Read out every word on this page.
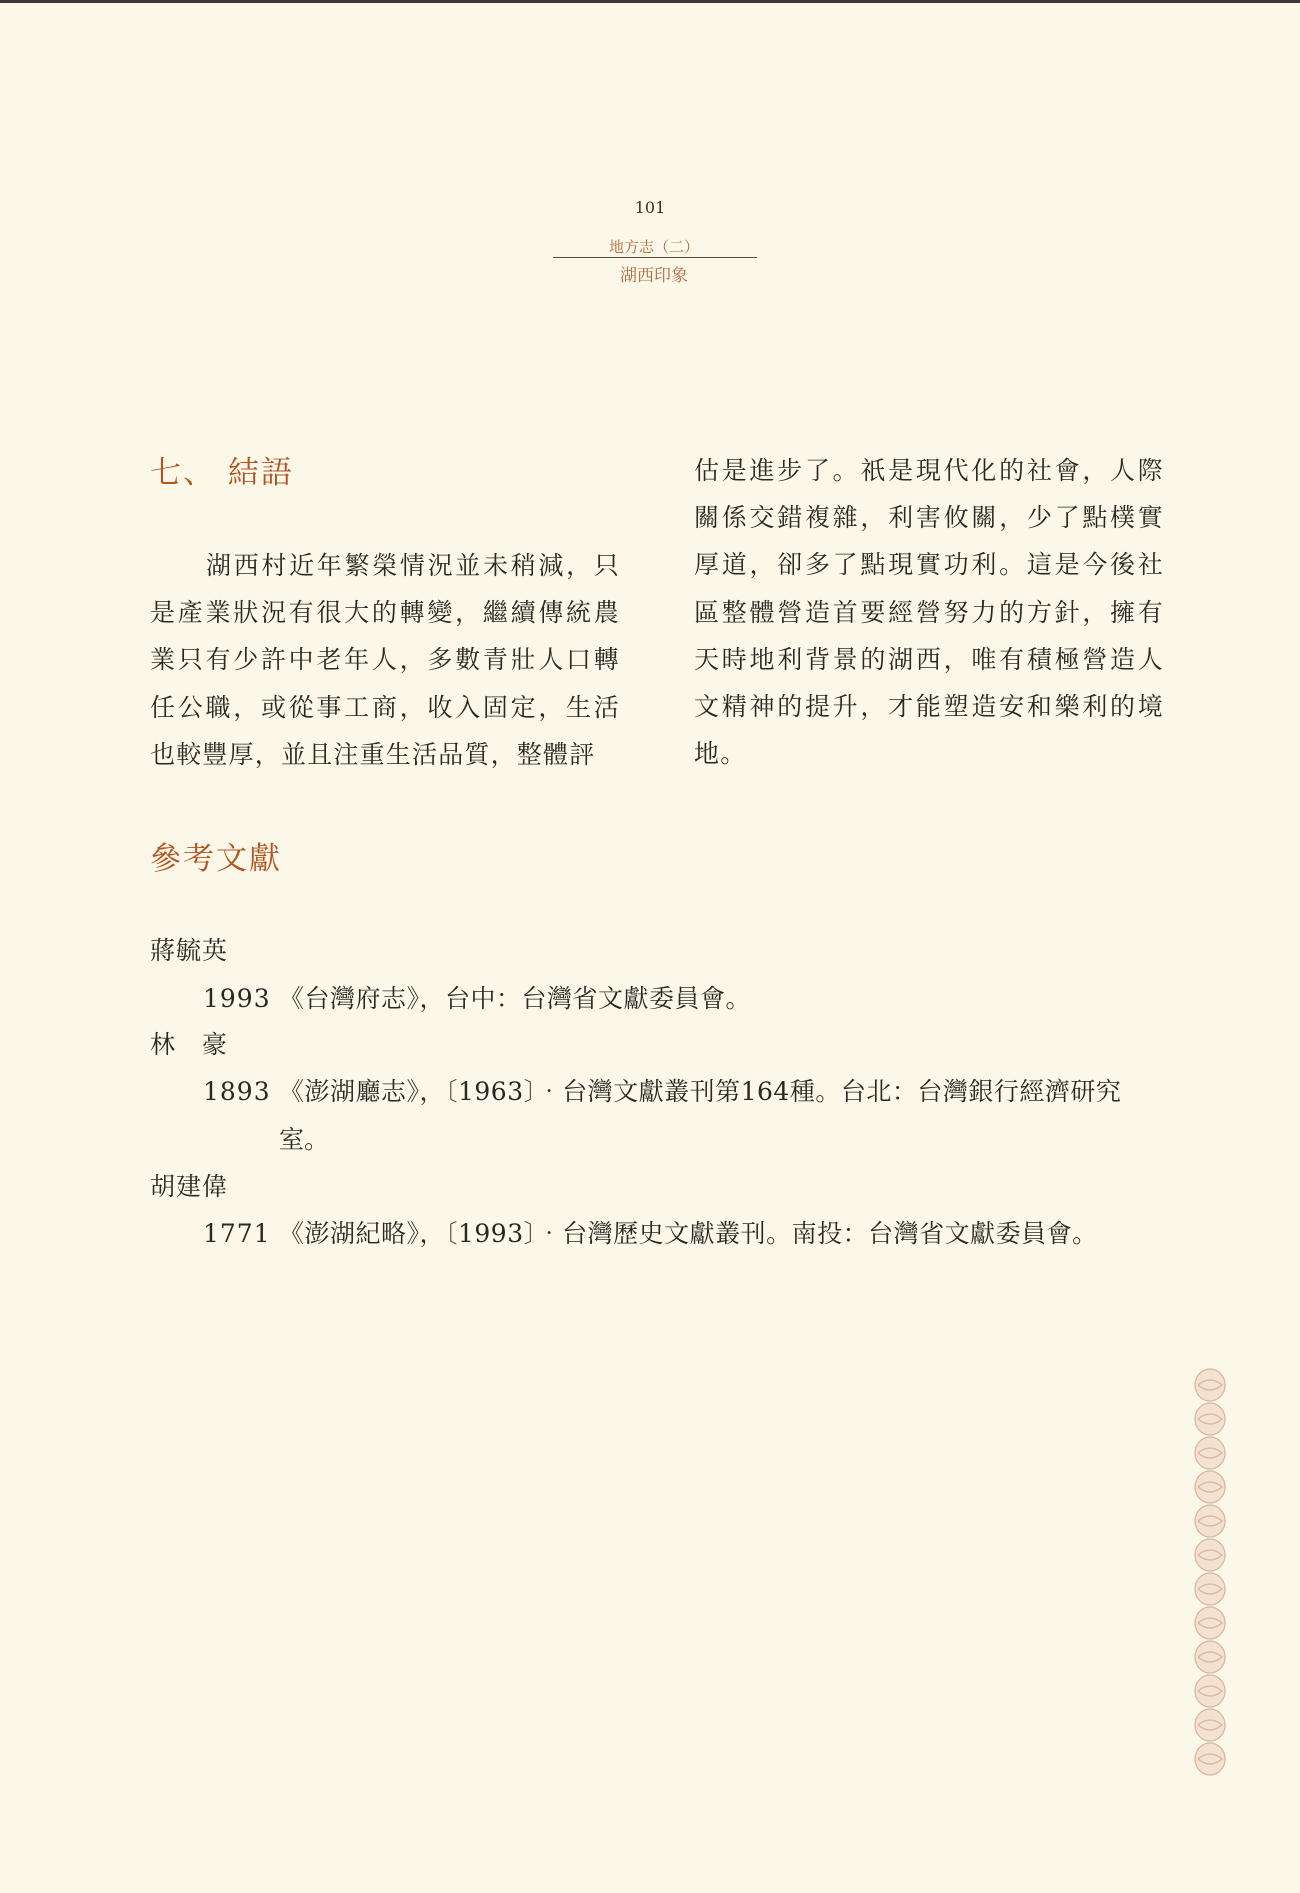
101
地方志（二）
湖西印象
七、 結語

湖西村近年繁榮情況並未稍減，只是產業狀況有很大的轉變，繼續傳統農業只有少許中老年人，多數青壯人口轉任公職，或從事工商，收入固定，生活也較豐厚，並且注重生活品質，整體評

估是進步了。祇是現代化的社會，人際關係交錯複雜，利害攸關，少了點樸實厚道，卻多了點現實功利。這是今後社區整體營造首要經營努力的方針，擁有天時地利背景的湖西，唯有積極營造人文精神的提升，才能塑造安和樂利的境地。

參考文獻
蔣毓英
1993 《台灣府志》，台中：台灣省文獻委員會。
林　豪
1893 《澎湖廳志》，〔1963〕‧台灣文獻叢刊第164種。台北：台灣銀行經濟研究
室。
胡建偉
1771 《澎湖紀略》，〔1993〕‧台灣歷史文獻叢刊。南投：台灣省文獻委員會。
